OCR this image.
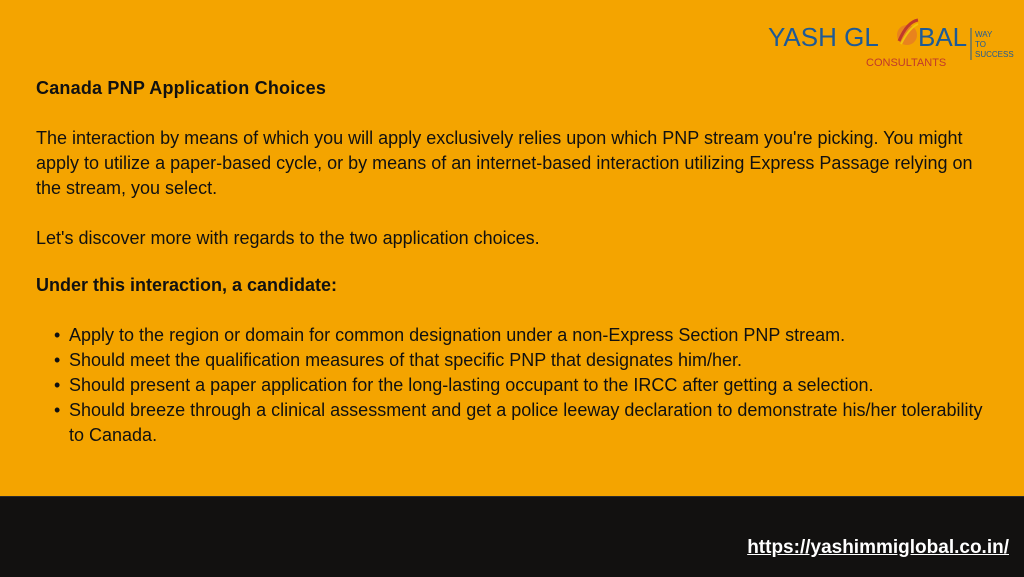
YASH GL BAL
CONSULTANTS
WAY
TO
SUCCESS

Canada PNP Application Choices

The interaction by means of which you will apply exclusively relies upon which PNP stream you're picking. You might apply to utilize a paper-based cycle, or by means of an internet-based interaction utilizing Express Passage relying on the stream, you select.

Let's discover more with regards to the two application choices.

Under this interaction, a candidate:

• Apply to the region or domain for common designation under a non-Express Section PNP stream.
• Should meet the qualification measures of that specific PNP that designates him/her.
• Should present a paper application for the long-lasting occupant to the IRCC after getting a selection.
• Should breeze through a clinical assessment and get a police leeway declaration to demonstrate his/her tolerability to Canada.
https://yashimmiglobal.co.in/
